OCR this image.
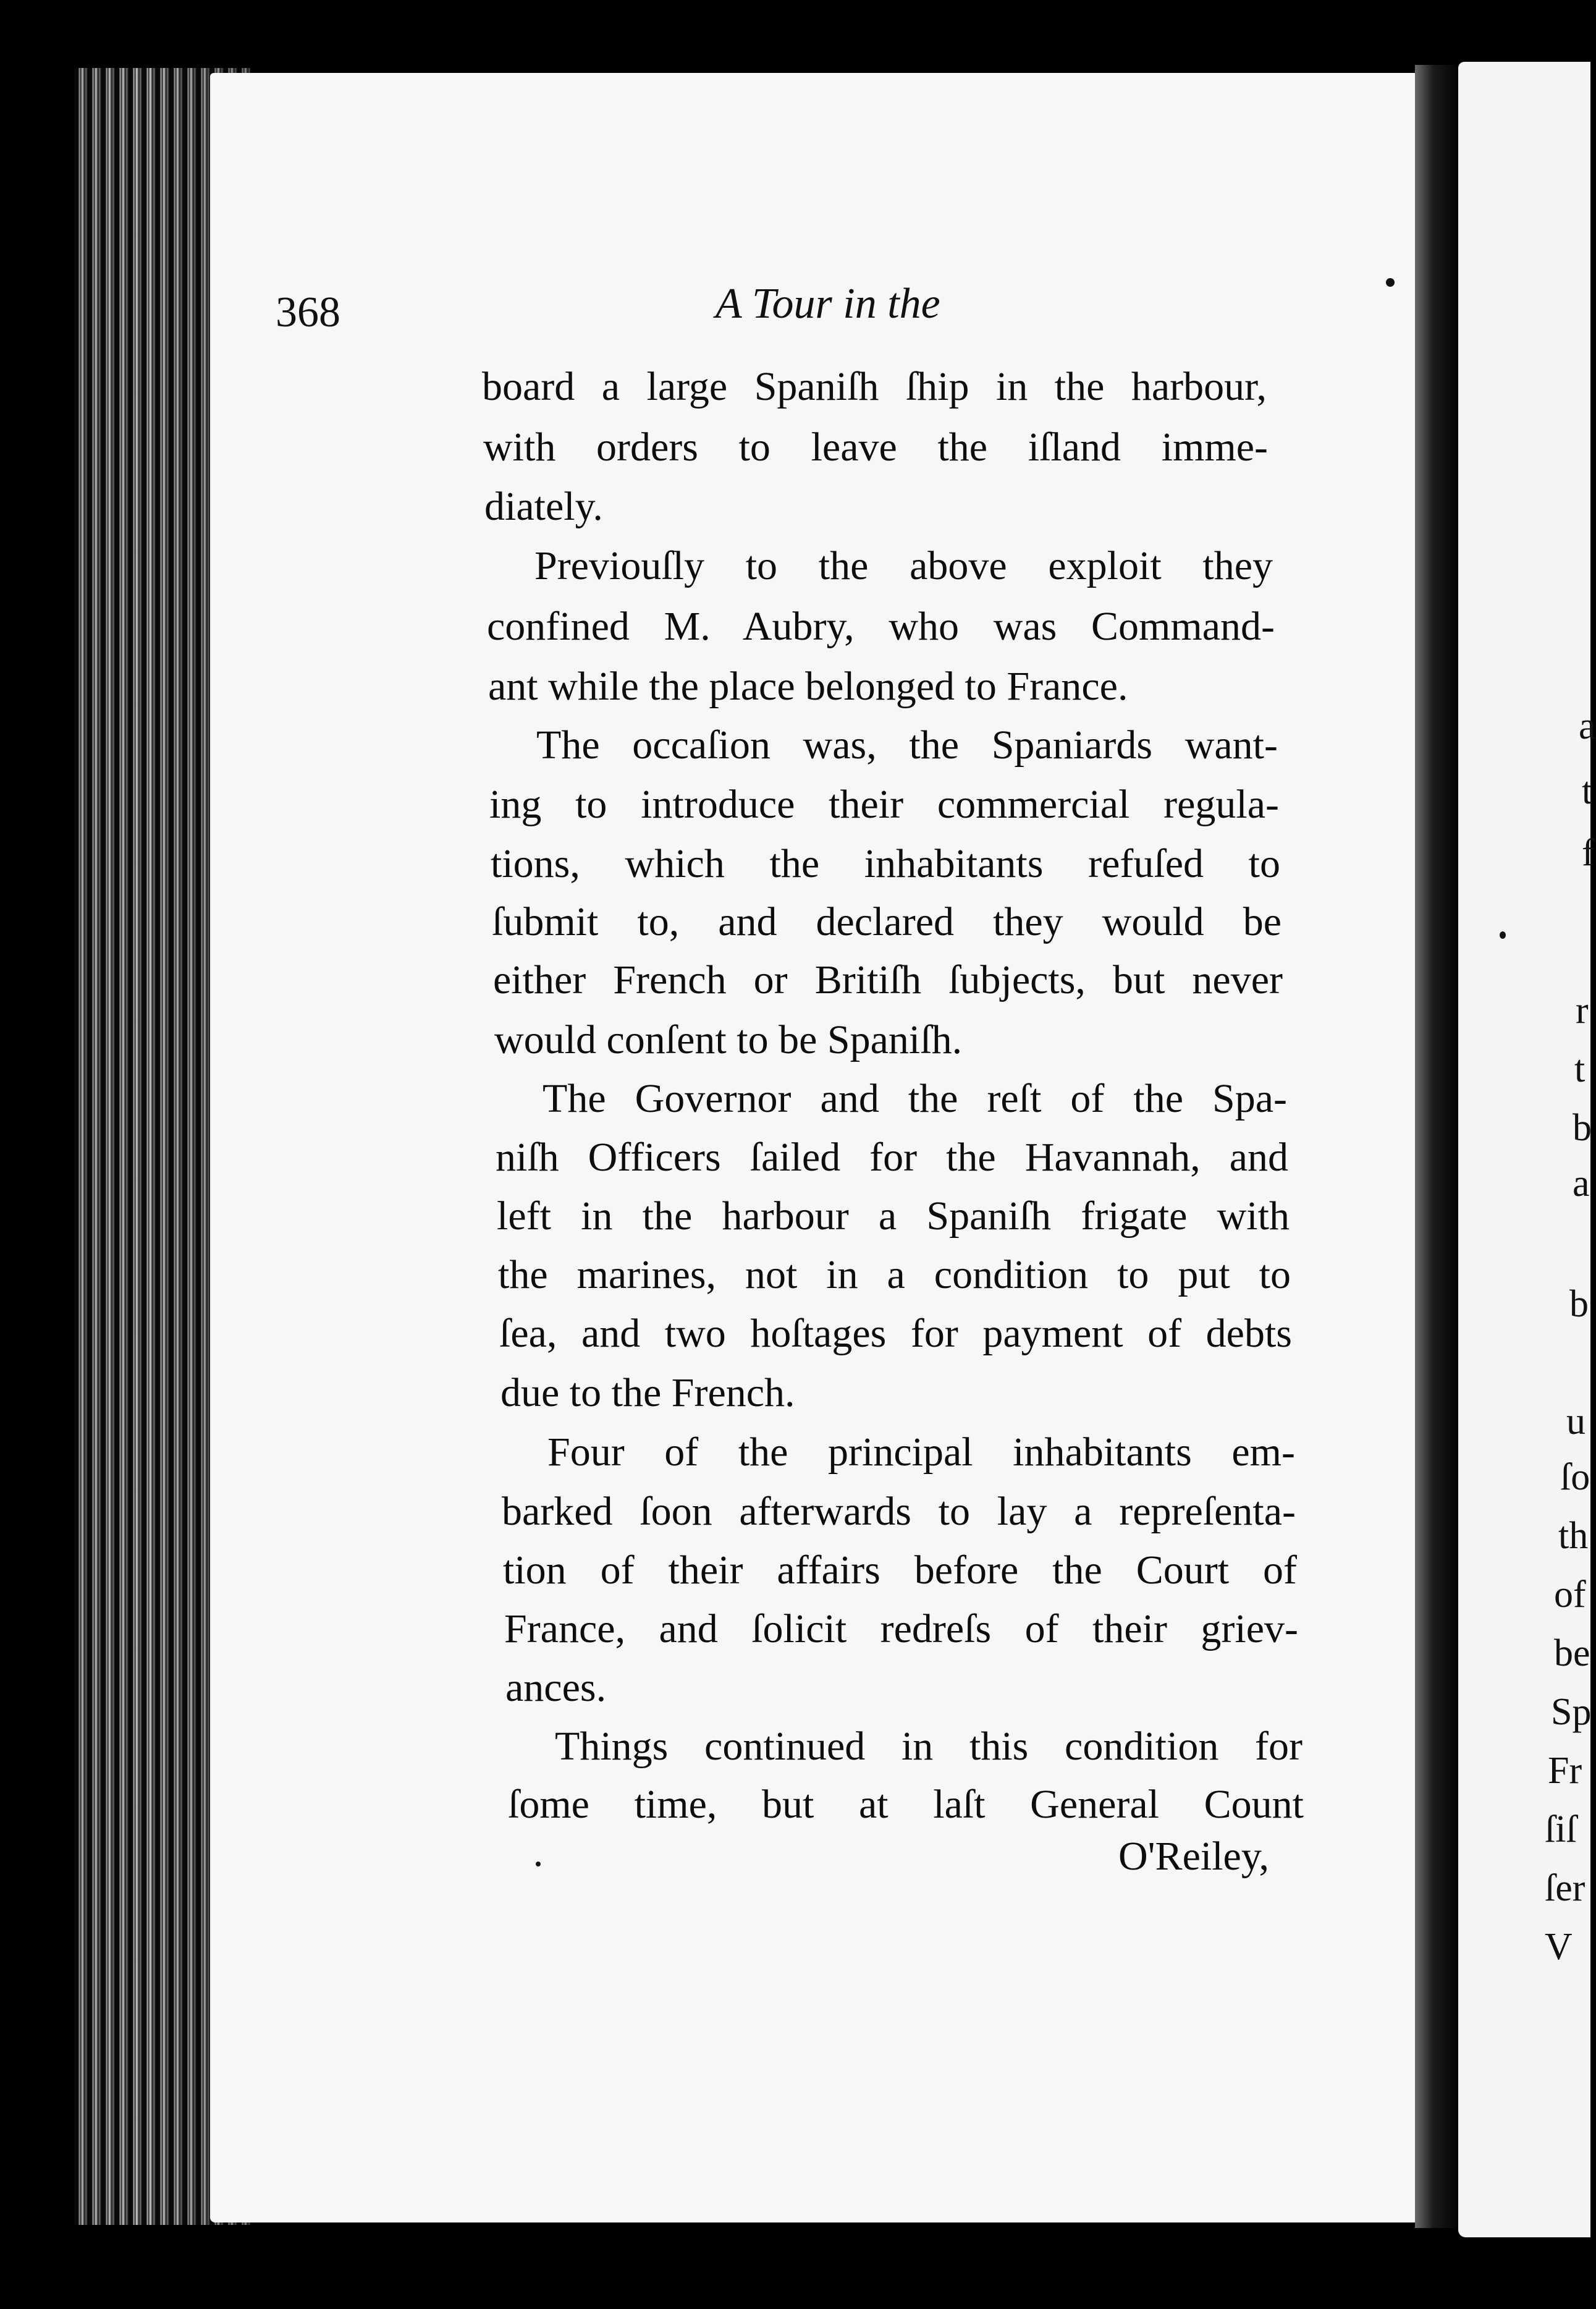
a
t
f
r
t
b
a
b
u
ſo
th
of
be
Sp
Fr
ſiſ
ſer
V
368	A Tour in the
board a large Spaniſh ſhip in the harbour,
with orders to leave the iſland imme-
diately.
Previouſly to the above exploit they
confined M. Aubry, who was Command-
ant while the place belonged to France.
The occaſion was, the Spaniards want-
ing to introduce their commercial regula-
tions, which the inhabitants refuſed to
ſubmit to, and declared they would be
either French or Britiſh ſubjects, but never
would conſent to be Spaniſh.
The Governor and the reſt of the Spa-
niſh Officers ſailed for the Havannah, and
left in the harbour a Spaniſh frigate with
the marines, not in a condition to put to
ſea, and two hoſtages for payment of debts
due to the French.
Four of the principal inhabitants em-
barked ſoon afterwards to lay a repreſenta-
tion of their affairs before the Court of
France, and ſolicit redreſs of their griev-
ances.
Things continued in this condition for
ſome time, but at laſt General Count
O'Reiley,
